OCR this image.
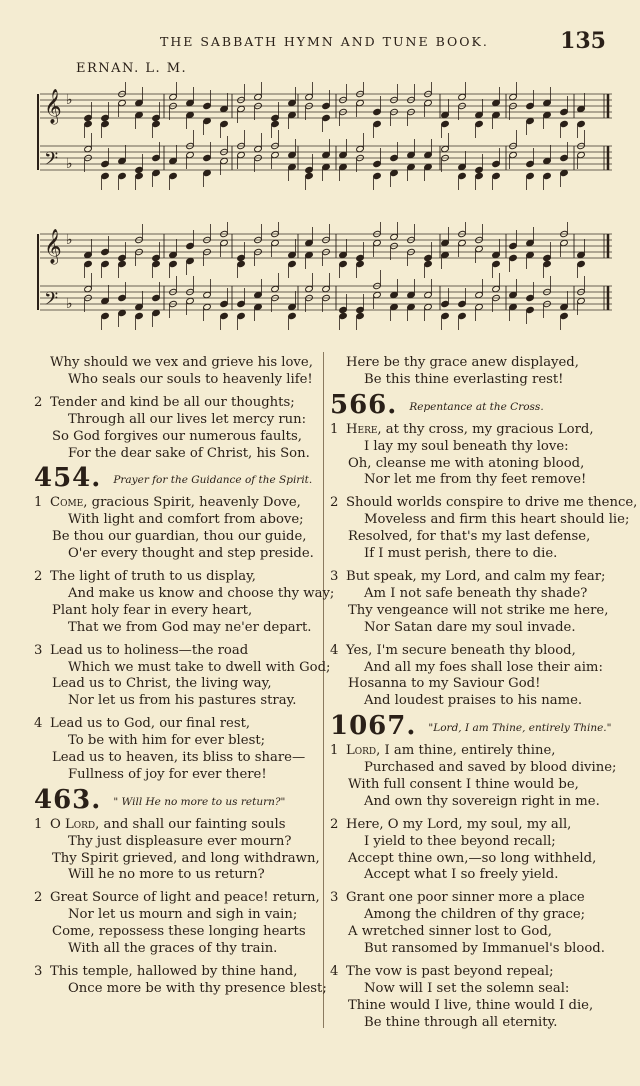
THE SABBATH HYMN AND TUNE BOOK.	135
ERNAN. L. M.
𝄞 ♭
𝄢 ♭
𝄞 ♭
𝄢 ♭
Why should we vex and grieve his love,
Who seals our souls to heavenly life!
2 Tender and kind be all our thoughts;
Through all our lives let mercy run:
So God forgives our numerous faults,
For the dear sake of Christ, his Son.
454. Prayer for the Guidance of the Spirit.
1 Come, gracious Spirit, heavenly Dove,
With light and comfort from above;
Be thou our guardian, thou our guide,
O'er every thought and step preside.
2 The light of truth to us display,
And make us know and choose thy way;
Plant holy fear in every heart,
That we from God may ne'er depart.
3 Lead us to holiness—the road
Which we must take to dwell with God;
Lead us to Christ, the living way,
Nor let us from his pastures stray.
4 Lead us to God, our final rest,
To be with him for ever blest;
Lead us to heaven, its bliss to share—
Fullness of joy for ever there!
463. " Will He no more to us return?"
1 O Lord, and shall our fainting souls
Thy just displeasure ever mourn?
Thy Spirit grieved, and long withdrawn,
Will he no more to us return?
2 Great Source of light and peace! return,
Nor let us mourn and sigh in vain;
Come, repossess these longing hearts
With all the graces of thy train.
3 This temple, hallowed by thine hand,
Once more be with thy presence blest;
Here be thy grace anew displayed,
Be this thine everlasting rest!
566. Repentance at the Cross.
1 Here, at thy cross, my gracious Lord,
I lay my soul beneath thy love:
Oh, cleanse me with atoning blood,
Nor let me from thy feet remove!
2 Should worlds conspire to drive me thence,
Moveless and firm this heart should lie;
Resolved, for that's my last defense,
If I must perish, there to die.
3 But speak, my Lord, and calm my fear;
Am I not safe beneath thy shade?
Thy vengeance will not strike me here,
Nor Satan dare my soul invade.
4 Yes, I'm secure beneath thy blood,
And all my foes shall lose their aim:
Hosanna to my Saviour God!
And loudest praises to his name.
1067. "Lord, I am Thine, entirely Thine."
1 Lord, I am thine, entirely thine,
Purchased and saved by blood divine;
With full consent I thine would be,
And own thy sovereign right in me.
2 Here, O my Lord, my soul, my all,
I yield to thee beyond recall;
Accept thine own,—so long withheld,
Accept what I so freely yield.
3 Grant one poor sinner more a place
Among the children of thy grace;
A wretched sinner lost to God,
But ransomed by Immanuel's blood.
4 The vow is past beyond repeal;
Now will I set the solemn seal:
Thine would I live, thine would I die,
Be thine through all eternity.
